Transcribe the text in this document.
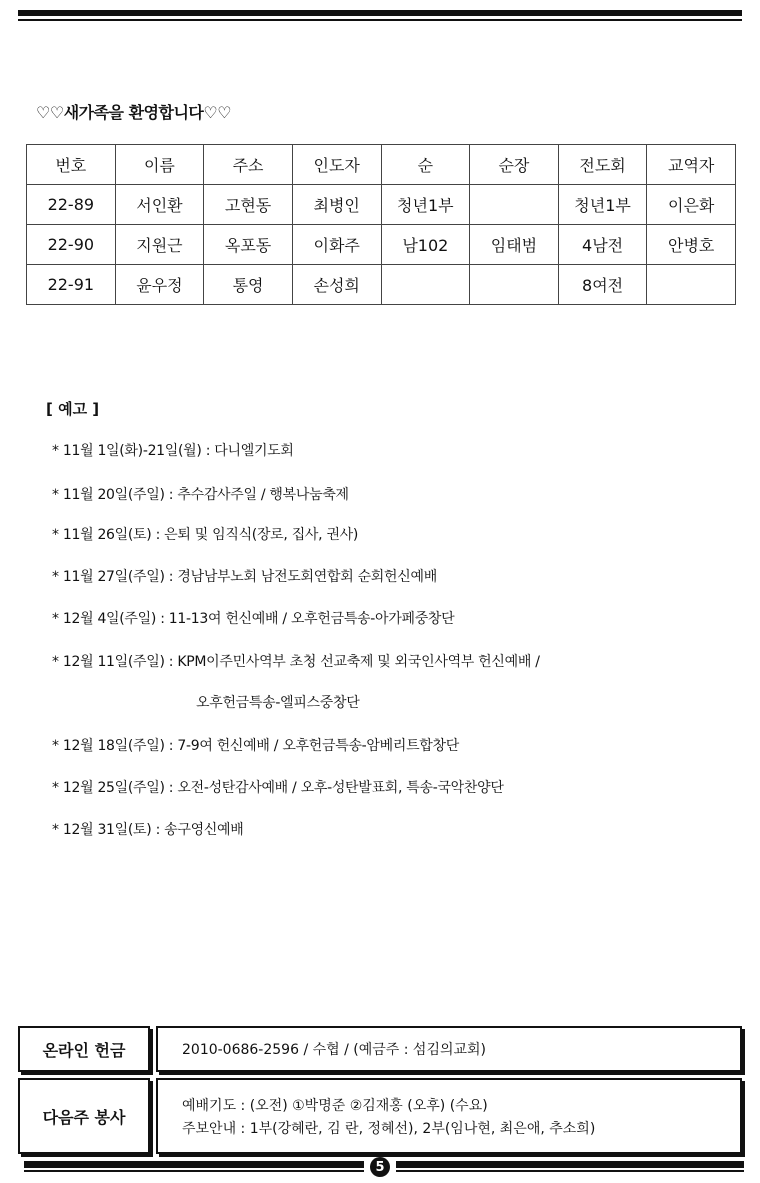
♡♡새가족을 환영합니다♡♡
번호	이름	주소	인도자	순	순장	전도회	교역자
22-89	서인환	고현동	최병인	청년1부		청년1부	이은화
22-90	지원근	옥포동	이화주	남102	임태범	4남전	안병호
22-91	윤우정	통영	손성희			8여전	
[ 예고 ]
* 11월 1일(화)-21일(월) : 다니엘기도회
* 11월 20일(주일) : 추수감사주일 / 행복나눔축제
* 11월 26일(토) : 은퇴 및 임직식(장로, 집사, 권사)
* 11월 27일(주일) : 경남남부노회 남전도회연합회 순회헌신예배
* 12월 4일(주일) : 11-13여 헌신예배 / 오후헌금특송-아가페중창단
* 12월 11일(주일) : KPM이주민사역부 초청 선교축제 및 외국인사역부 헌신예배 /
오후헌금특송-엘피스중창단
* 12월 18일(주일) : 7-9여 헌신예배 / 오후헌금특송-암베리트합창단
* 12월 25일(주일) : 오전-성탄감사예배 / 오후-성탄발표회, 특송-국악찬양단
* 12월 31일(토) : 송구영신예배
온라인 헌금	2010-0686-2596 / 수협 / (예금주 : 섬김의교회)
다음주 봉사
예배기도 : (오전) ①박명준 ②김재홍 (오후) (수요)
주보안내 : 1부(강혜란, 김 란, 정혜선), 2부(임나현, 최은애, 추소희)
5
